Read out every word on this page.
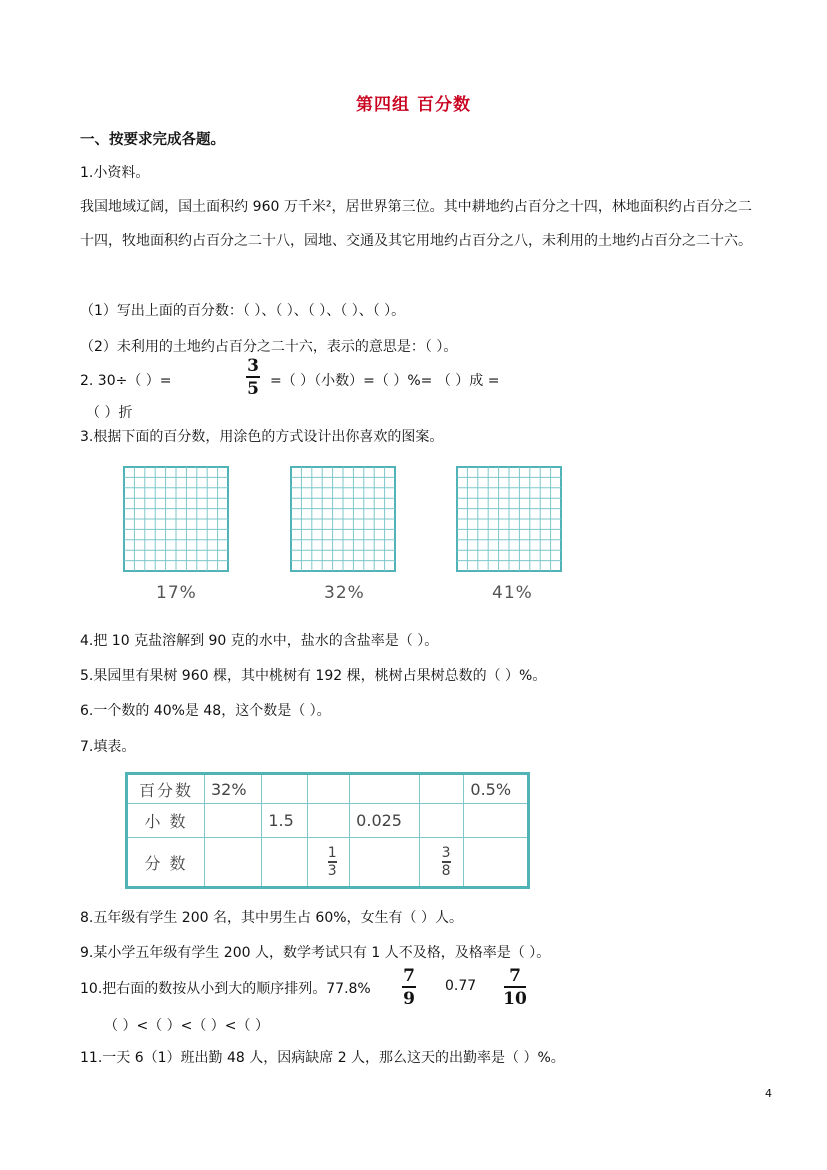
第四组 百分数
一、按要求完成各题。
1.小资料。
我国地域辽阔，国土面积约 960 万千米²，居世界第三位。其中耕地约占百分之十四，林地面积约占百分之二十四，牧地面积约占百分之二十八，园地、交通及其它用地约占百分之八，未利用的土地约占百分之二十六。
（1）写出上面的百分数：（ ）、（ ）、（ ）、（ ）、（ ）。
（2）未利用的土地约占百分之二十六，表示的意思是：（ ）。
2. 30÷（ ）=
3
5 =（ ）（小数）=（ ）%= （ ）成 =
（ ）折
3.根据下面的百分数，用涂色的方式设计出你喜欢的图案。
17%	32%	41%
4.把 10 克盐溶解到 90 克的水中，盐水的含盐率是（ ）。
5.果园里有果树 960 棵，其中桃树有 192 棵，桃树占果树总数的（ ）%。
6.一个数的 40%是 48，这个数是（ ）。
7.填表。
百分数	32%					0.5%
小 数		1.5		0.025		
分 数			$\frac{1}{3}$		$\frac{3}{8}$	
8.五年级有学生 200 名，其中男生占 60%，女生有（ ）人。
9.某小学五年级有学生 200 人，数学考试只有 1 人不及格，及格率是（ ）。
10.把右面的数按从小到大的顺序排列。77.8%
7
9
0.77	7
10
（ ）<（ ）<（ ）<（ ）
11.一天 6（1）班出勤 48 人，因病缺席 2 人，那么这天的出勤率是（ ）%。
4
